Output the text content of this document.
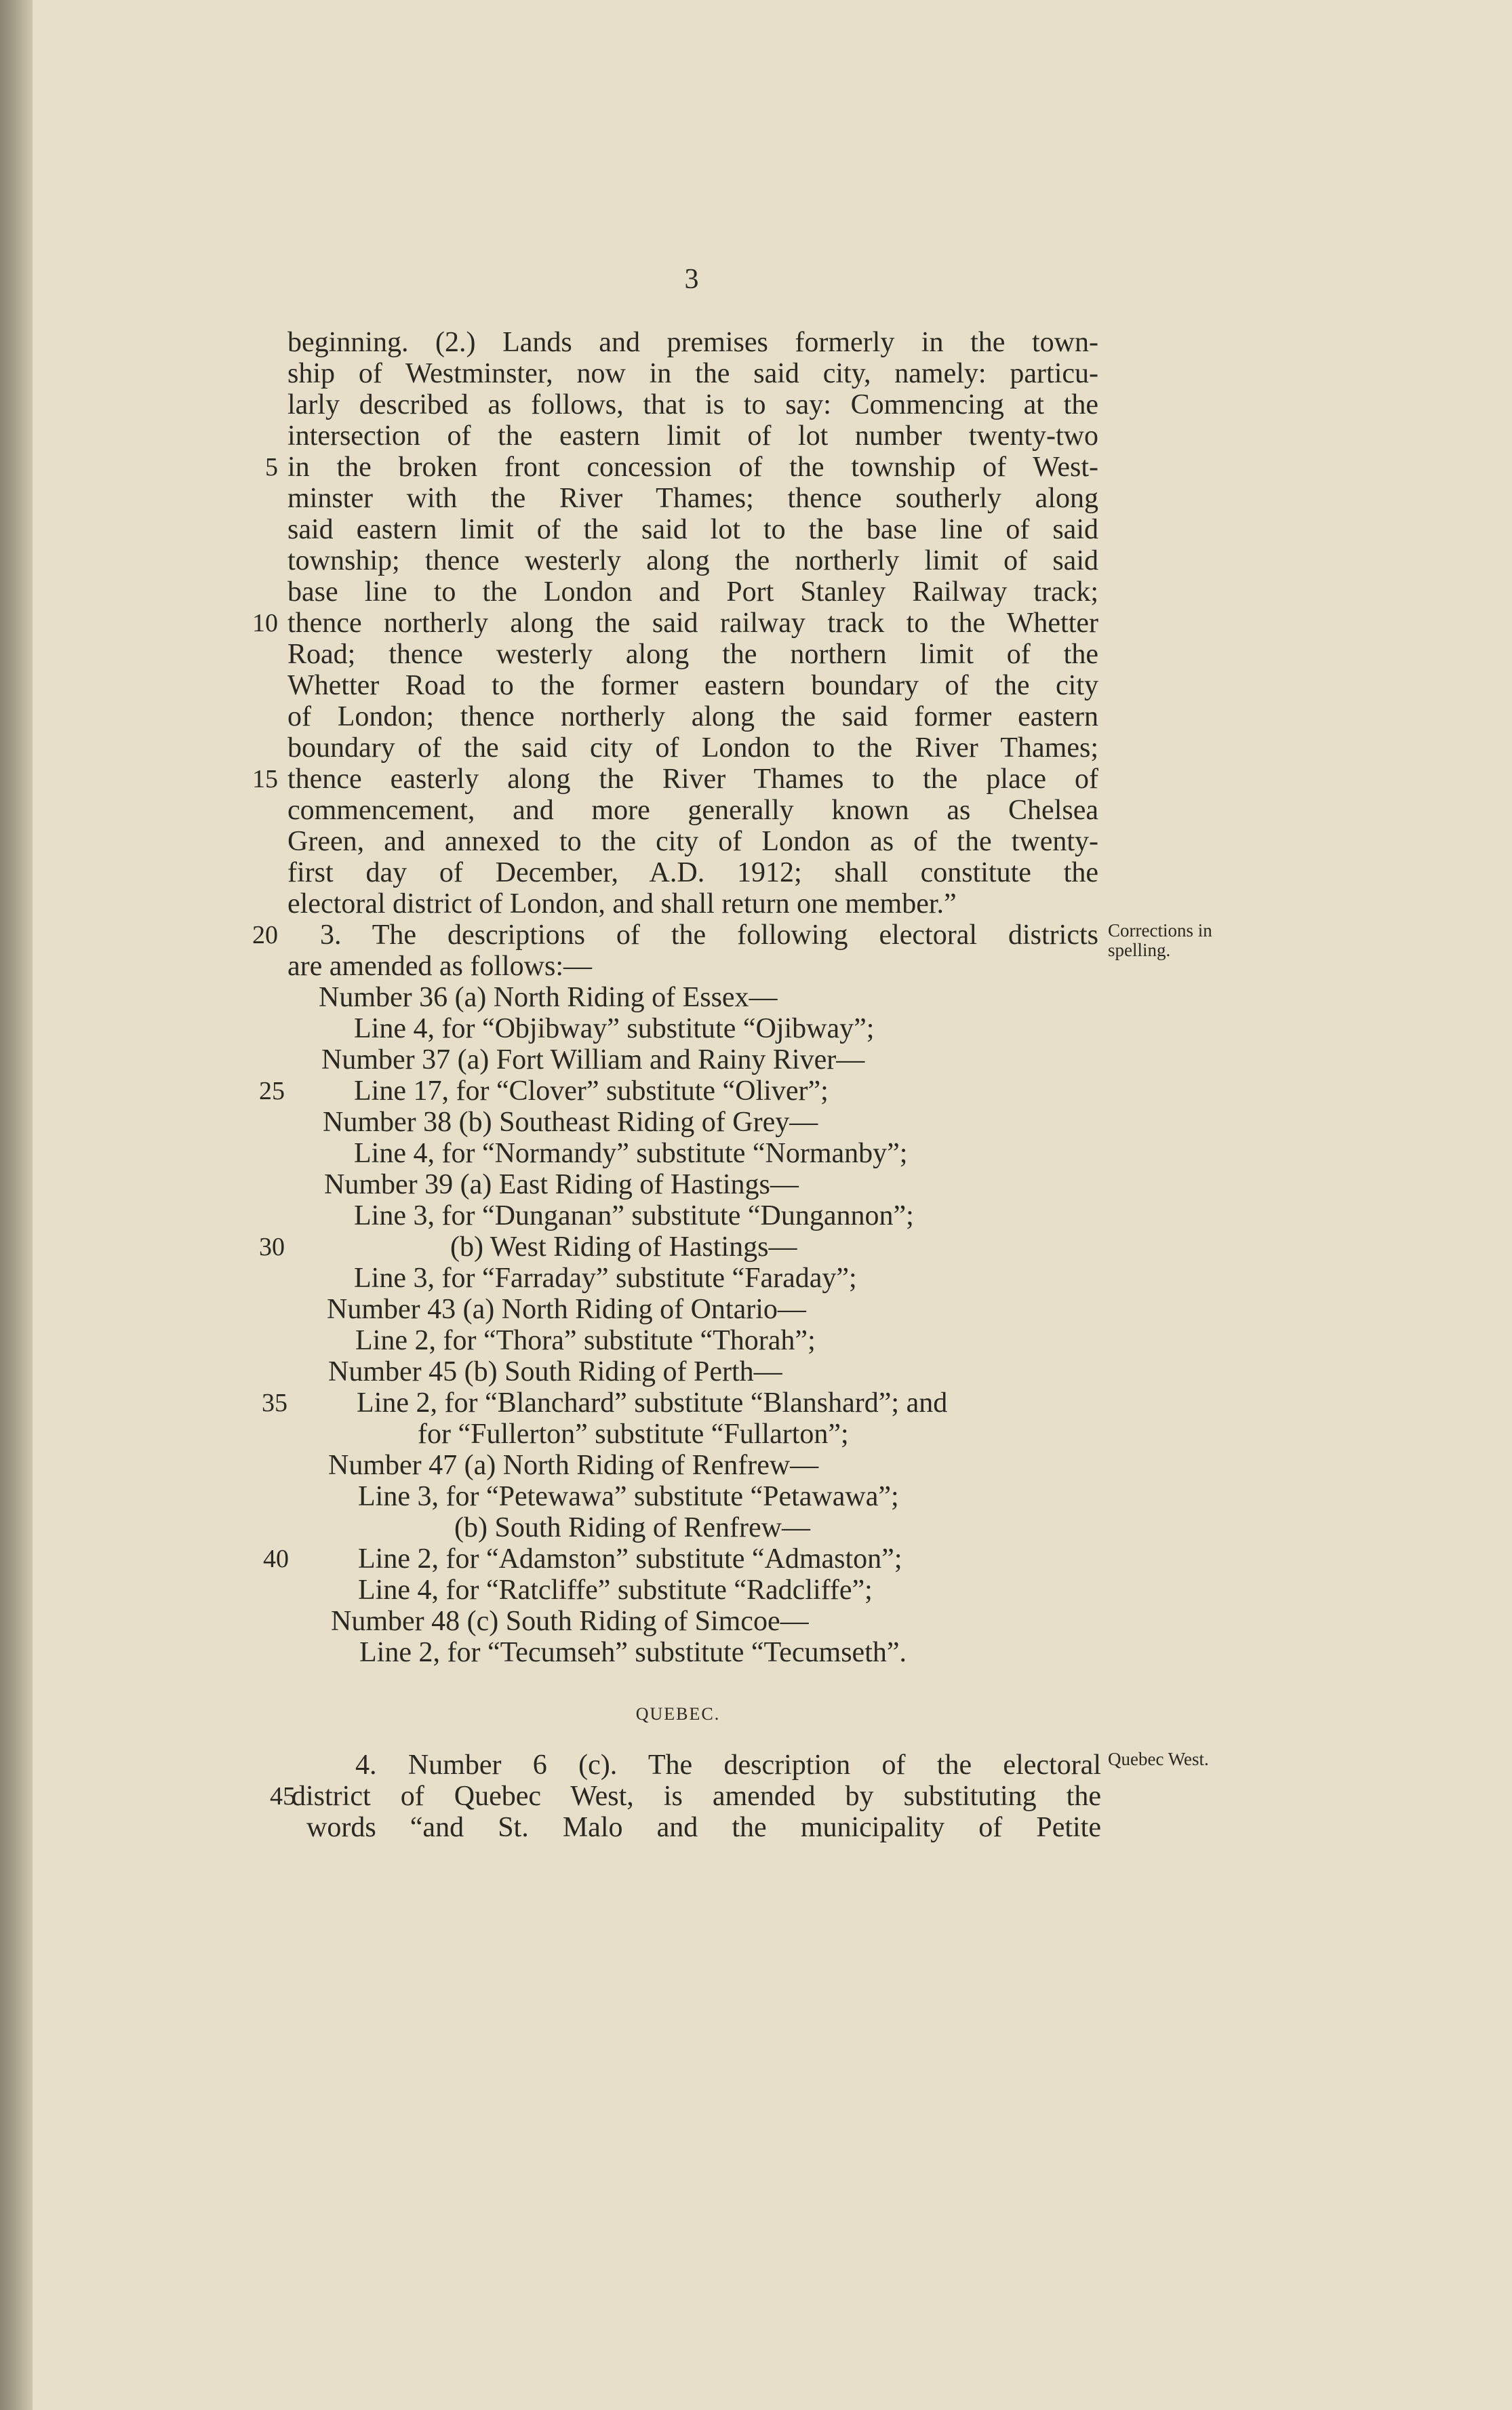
3
beginning. (2.) Lands and premises formerly in the town-
ship of Westminster, now in the said city, namely: particu-
larly described as follows, that is to say: Commencing at the
intersection of the eastern limit of lot number twenty-two
in the broken front concession of the township of West-
minster with the River Thames; thence southerly along
said eastern limit of the said lot to the base line of said
township; thence westerly along the northerly limit of said
base line to the London and Port Stanley Railway track;
thence northerly along the said railway track to the Whetter
Road; thence westerly along the northern limit of the
Whetter Road to the former eastern boundary of the city
of London; thence northerly along the said former eastern
boundary of the said city of London to the River Thames;
thence easterly along the River Thames to the place of
commencement, and more generally known as Chelsea
Green, and annexed to the city of London as of the twenty-
first day of December, A.D. 1912; shall constitute the
electoral district of London, and shall return one member.”
3. The descriptions of the following electoral districts
are amended as follows:—
Number 36 (a) North Riding of Essex—
Line 4, for “Objibway” substitute “Ojibway”;
Number 37 (a) Fort William and Rainy River—
Line 17, for “Clover” substitute “Oliver”;
Number 38 (b) Southeast Riding of Grey—
Line 4, for “Normandy” substitute “Normanby”;
Number 39 (a) East Riding of Hastings—
Line 3, for “Dunganan” substitute “Dungannon”;
(b) West Riding of Hastings—
Line 3, for “Farraday” substitute “Faraday”;
Number 43 (a) North Riding of Ontario—
Line 2, for “Thora” substitute “Thorah”;
Number 45 (b) South Riding of Perth—
Line 2, for “Blanchard” substitute “Blanshard”; and
for “Fullerton” substitute “Fullarton”;
Number 47 (a) North Riding of Renfrew—
Line 3, for “Petewawa” substitute “Petawawa”;
(b) South Riding of Renfrew—
Line 2, for “Adamston” substitute “Admaston”;
Line 4, for “Ratcliffe” substitute “Radcliffe”;
Number 48 (c) South Riding of Simcoe—
Line 2, for “Tecumseh” substitute “Tecumseth”.
4. Number 6 (c). The description of the electoral
district of Quebec West, is amended by substituting the
words “and St. Malo and the municipality of Petite
5
10
15
20
25
30
35
40
45
Corrections in spelling.
Quebec West.
QUEBEC.
